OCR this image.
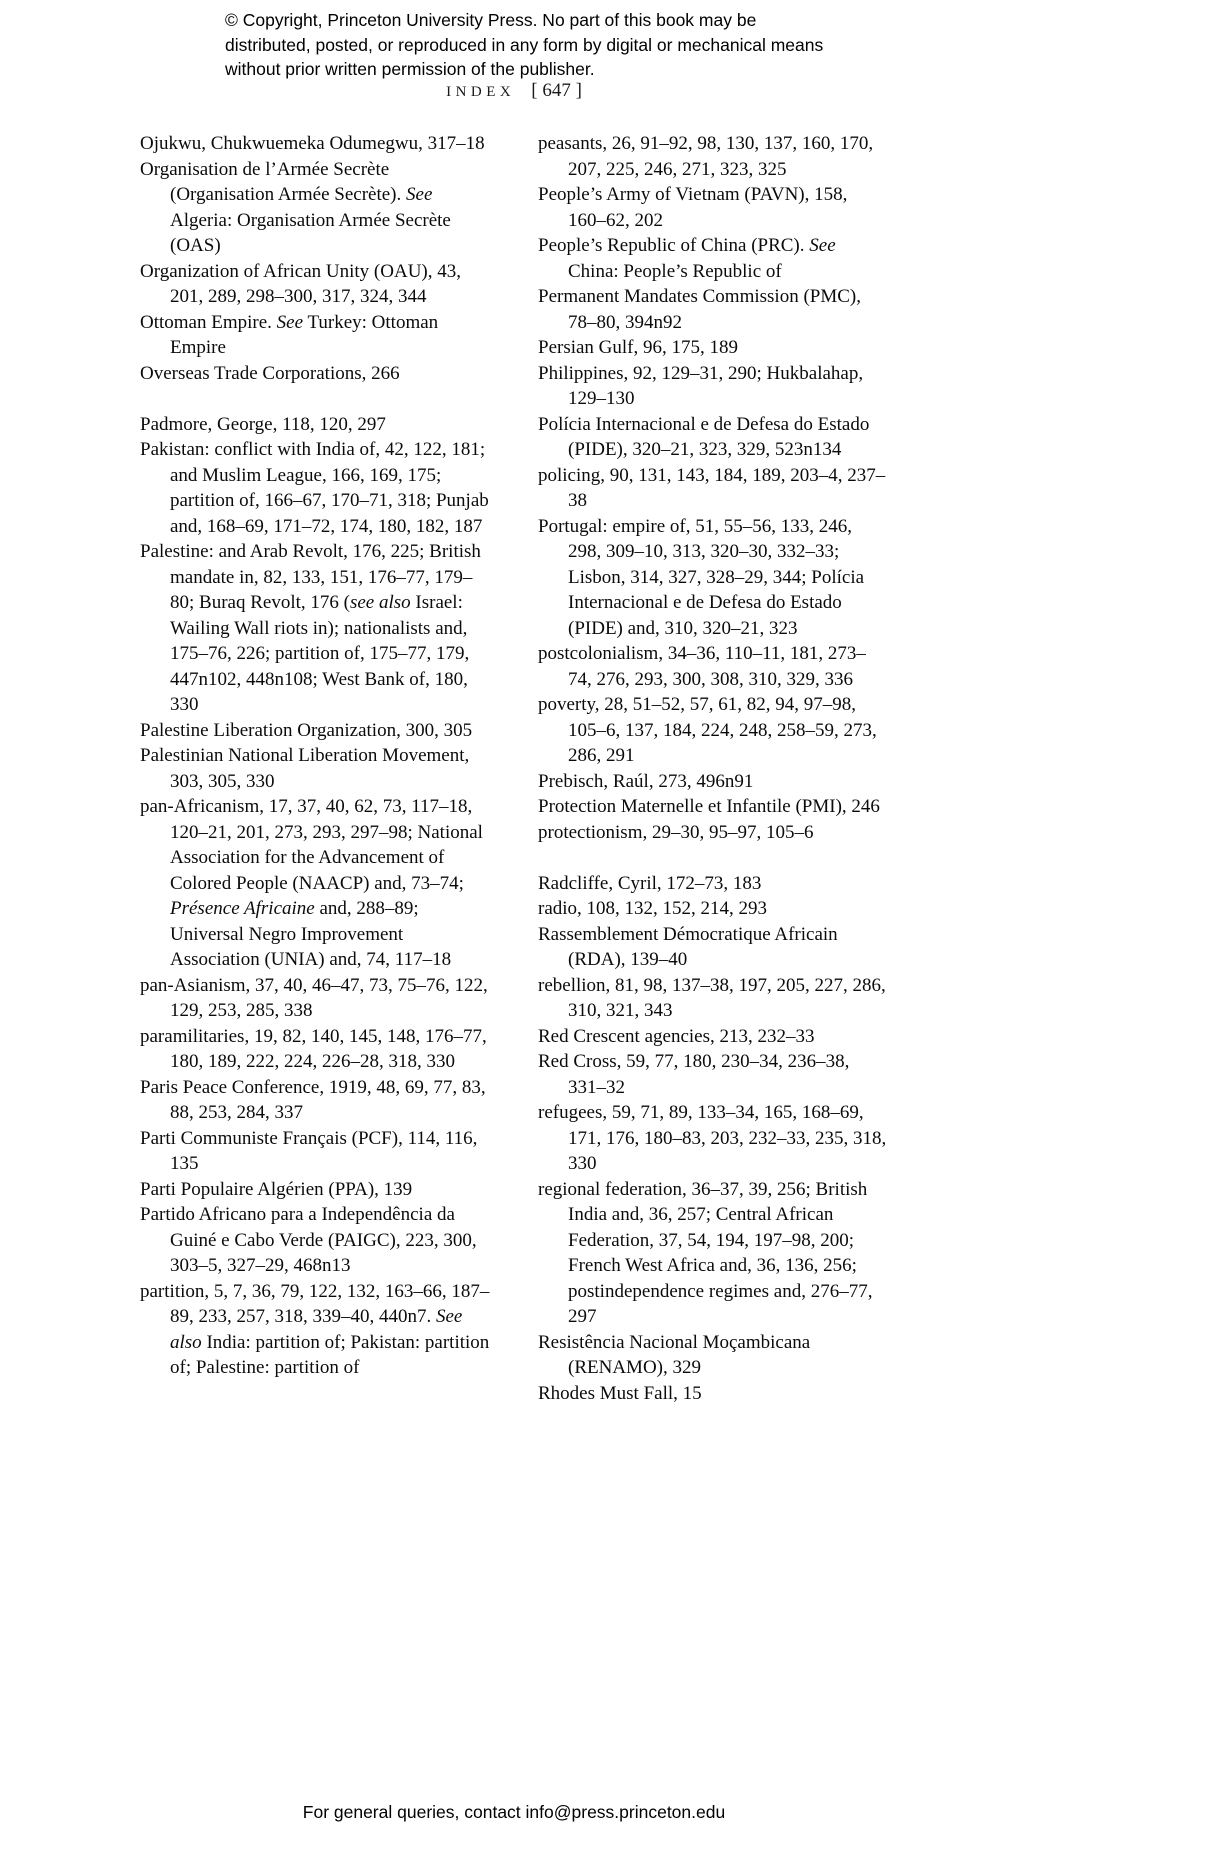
© Copyright, Princeton University Press. No part of this book may be distributed, posted, or reproduced in any form by digital or mechanical means without prior written permission of the publisher.

INDEX [ 647 ]
Ojukwu, Chukwuemeka Odumegwu, 317–18
Organisation de l’Armée Secrète (Organisation Armée Secrète). See Algeria: Organisation Armée Secrète (OAS)
Organization of African Unity (OAU), 43, 201, 289, 298–300, 317, 324, 344
Ottoman Empire. See Turkey: Ottoman Empire
Overseas Trade Corporations, 266
Padmore, George, 118, 120, 297
Pakistan: conflict with India of, 42, 122, 181; and Muslim League, 166, 169, 175; partition of, 166–67, 170–71, 318; Punjab and, 168–69, 171–72, 174, 180, 182, 187
Palestine: and Arab Revolt, 176, 225; British mandate in, 82, 133, 151, 176–77, 179–80; Buraq Revolt, 176 (see also Israel: Wailing Wall riots in); nationalists and, 175–76, 226; partition of, 175–77, 179, 447n102, 448n108; West Bank of, 180, 330
Palestine Liberation Organization, 300, 305
Palestinian National Liberation Movement, 303, 305, 330
pan-Africanism, 17, 37, 40, 62, 73, 117–18, 120–21, 201, 273, 293, 297–98; National Association for the Advancement of Colored People (NAACP) and, 73–74; Présence Africaine and, 288–89; Universal Negro Improvement Association (UNIA) and, 74, 117–18
pan-Asianism, 37, 40, 46–47, 73, 75–76, 122, 129, 253, 285, 338
paramilitaries, 19, 82, 140, 145, 148, 176–77, 180, 189, 222, 224, 226–28, 318, 330
Paris Peace Conference, 1919, 48, 69, 77, 83, 88, 253, 284, 337
Parti Communiste Français (PCF), 114, 116, 135
Parti Populaire Algérien (PPA), 139
Partido Africano para a Independência da Guiné e Cabo Verde (PAIGC), 223, 300, 303–5, 327–29, 468n13
partition, 5, 7, 36, 79, 122, 132, 163–66, 187–89, 233, 257, 318, 339–40, 440n7. See also India: partition of; Pakistan: partition of; Palestine: partition of
peasants, 26, 91–92, 98, 130, 137, 160, 170, 207, 225, 246, 271, 323, 325
People’s Army of Vietnam (PAVN), 158, 160–62, 202
People’s Republic of China (PRC). See China: People’s Republic of
Permanent Mandates Commission (PMC), 78–80, 394n92
Persian Gulf, 96, 175, 189
Philippines, 92, 129–31, 290; Hukbalahap, 129–130
Polícia Internacional e de Defesa do Estado (PIDE), 320–21, 323, 329, 523n134
policing, 90, 131, 143, 184, 189, 203–4, 237–38
Portugal: empire of, 51, 55–56, 133, 246, 298, 309–10, 313, 320–30, 332–33; Lisbon, 314, 327, 328–29, 344; Polícia Internacional e de Defesa do Estado (PIDE) and, 310, 320–21, 323
postcolonialism, 34–36, 110–11, 181, 273–74, 276, 293, 300, 308, 310, 329, 336
poverty, 28, 51–52, 57, 61, 82, 94, 97–98, 105–6, 137, 184, 224, 248, 258–59, 273, 286, 291
Prebisch, Raúl, 273, 496n91
Protection Maternelle et Infantile (PMI), 246
protectionism, 29–30, 95–97, 105–6
Radcliffe, Cyril, 172–73, 183
radio, 108, 132, 152, 214, 293
Rassemblement Démocratique Africain (RDA), 139–40
rebellion, 81, 98, 137–38, 197, 205, 227, 286, 310, 321, 343
Red Crescent agencies, 213, 232–33
Red Cross, 59, 77, 180, 230–34, 236–38, 331–32
refugees, 59, 71, 89, 133–34, 165, 168–69, 171, 176, 180–83, 203, 232–33, 235, 318, 330
regional federation, 36–37, 39, 256; British India and, 36, 257; Central African Federation, 37, 54, 194, 197–98, 200; French West Africa and, 36, 136, 256; postindependence regimes and, 276–77, 297
Resistência Nacional Moçambicana (RENAMO), 329
Rhodes Must Fall, 15

For general queries, contact info@press.princeton.edu
